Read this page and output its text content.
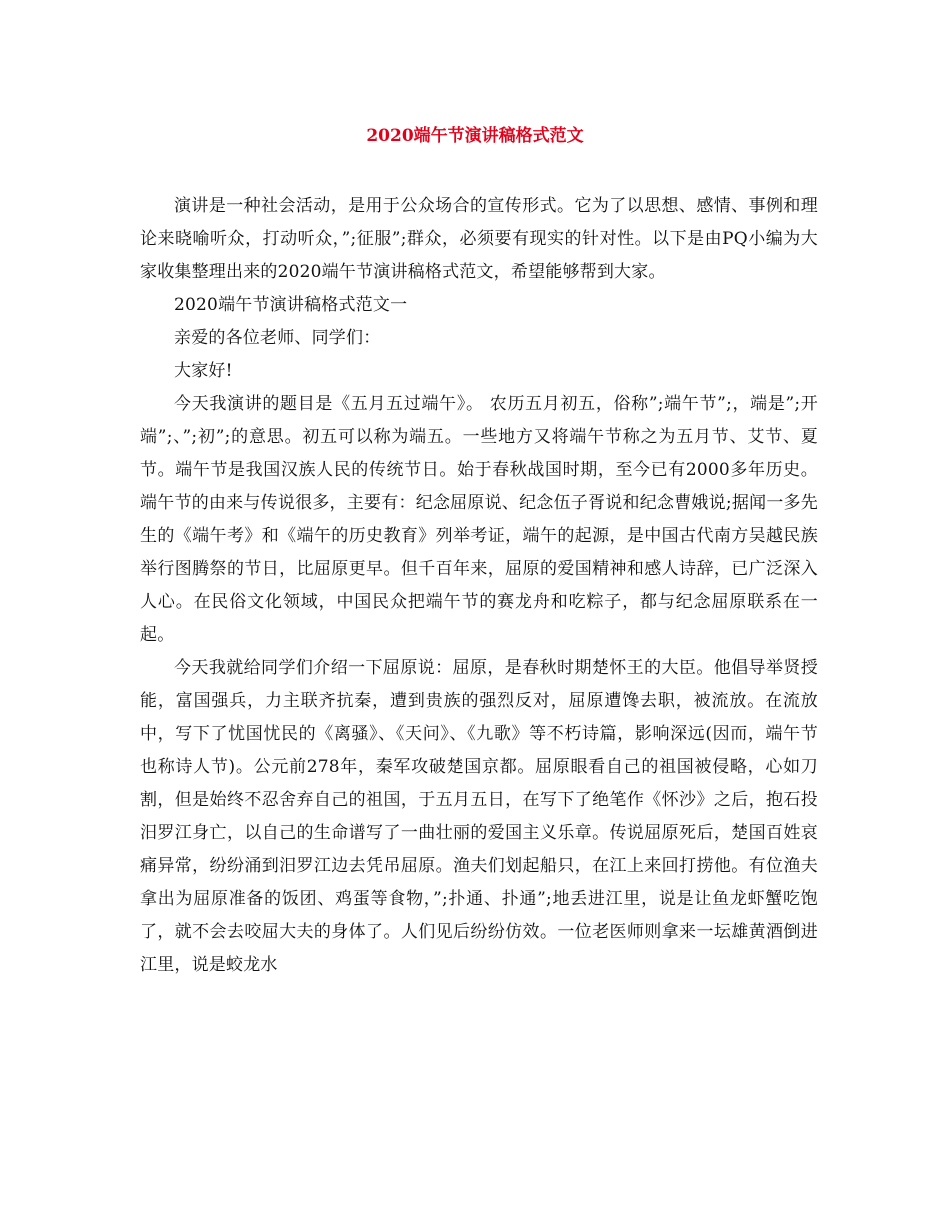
2020端午节演讲稿格式范文

演讲是一种社会活动，是用于公众场合的宣传形式。它为了以思想、感情、事例和理论来晓喻听众，打动听众，”;征服”;群众，必须要有现实的针对性。以下是由PQ小编为大家收集整理出来的2020端午节演讲稿格式范文，希望能够帮到大家。

2020端午节演讲稿格式范文一

亲爱的各位老师、同学们：

大家好!

今天我演讲的题目是《五月五过端午》。 农历五月初五，俗称”;端午节”;，端是”;开端”;、”;初”;的意思。初五可以称为端五。一些地方又将端午节称之为五月节、艾节、夏节。端午节是我国汉族人民的传统节日。始于春秋战国时期，至今已有2000多年历史。端午节的由来与传说很多，主要有：纪念屈原说、纪念伍子胥说和纪念曹娥说;据闻一多先生的《端午考》和《端午的历史教育》列举考证，端午的起源，是中国古代南方吴越民族举行图腾祭的节日，比屈原更早。但千百年来，屈原的爱国精神和感人诗辞，已广泛深入人心。在民俗文化领域，中国民众把端午节的赛龙舟和吃粽子，都与纪念屈原联系在一起。

今天我就给同学们介绍一下屈原说：屈原，是春秋时期楚怀王的大臣。他倡导举贤授能，富国强兵，力主联齐抗秦，遭到贵族的强烈反对，屈原遭馋去职，被流放。在流放中，写下了忧国忧民的《离骚》、《天问》、《九歌》等不朽诗篇，影响深远(因而，端午节也称诗人节)。公元前278年，秦军攻破楚国京都。屈原眼看自己的祖国被侵略，心如刀割，但是始终不忍舍弃自己的祖国，于五月五日，在写下了绝笔作《怀沙》之后，抱石投汨罗江身亡，以自己的生命谱写了一曲壮丽的爱国主义乐章。传说屈原死后，楚国百姓哀痛异常，纷纷涌到汨罗江边去凭吊屈原。渔夫们划起船只，在江上来回打捞他。有位渔夫拿出为屈原准备的饭团、鸡蛋等食物，”;扑通、扑通”;地丢进江里，说是让鱼龙虾蟹吃饱了，就不会去咬屈大夫的身体了。人们见后纷纷仿效。一位老医师则拿来一坛雄黄酒倒进江里，说是蛟龙水
